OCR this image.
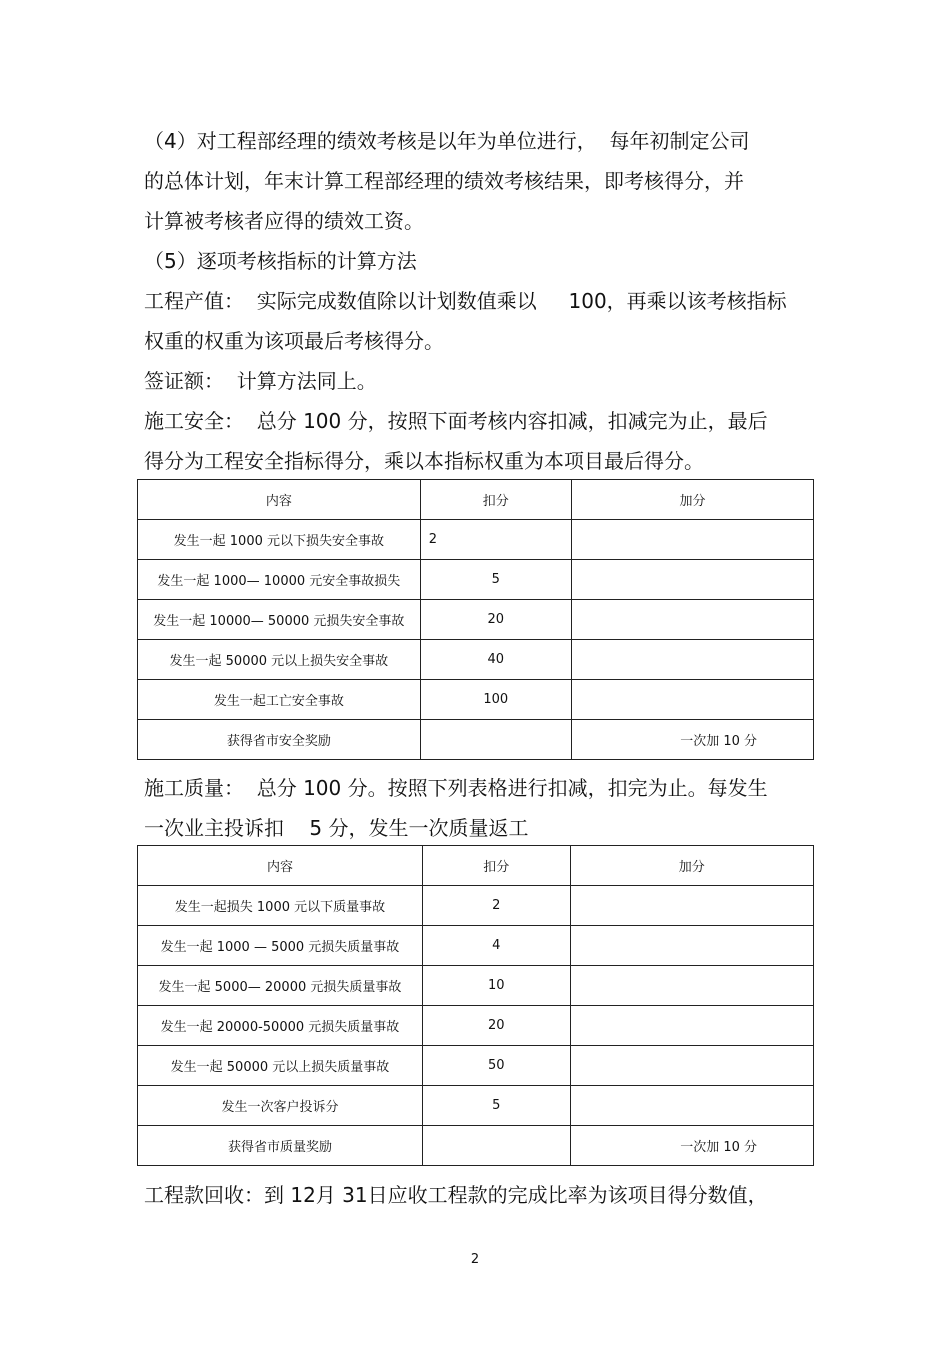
（4）对工程部经理的绩效考核是以年为单位进行，  每年初制定公司
的总体计划，年末计算工程部经理的绩效考核结果，即考核得分，并
计算被考核者应得的绩效工资。
（5）逐项考核指标的计算方法
工程产值：  实际完成数值除以计划数值乘以     100，再乘以该考核指标
权重的权重为该项最后考核得分。
签证额：  计算方法同上。
施工安全：  总分 100 分，按照下面考核内容扣减，扣减完为止，最后
得分为工程安全指标得分，乘以本指标权重为本项目最后得分。
内容	扣分	加分
发生一起 1000 元以下损失安全事故	2	
发生一起 1000— 10000 元安全事故损失	5	
发生一起 10000— 50000 元损失安全事故	20	
发生一起 50000 元以上损失安全事故	40	
发生一起工亡安全事故	100	
获得省市安全奖励		一次加 10 分
施工质量：  总分 100 分。按照下列表格进行扣减，扣完为止。每发生
一次业主投诉扣    5 分，发生一次质量返工
内容	扣分	加分
发生一起损失 1000 元以下质量事故	2	
发生一起 1000 — 5000 元损失质量事故	4	
发生一起 5000— 20000 元损失质量事故	10	
发生一起 20000-50000 元损失质量事故	20	
发生一起 50000 元以上损失质量事故	50	
发生一次客户投诉分	5	
获得省市质量奖励		一次加 10 分
工程款回收：到 12月 31日应收工程款的完成比率为该项目得分数值，
2
